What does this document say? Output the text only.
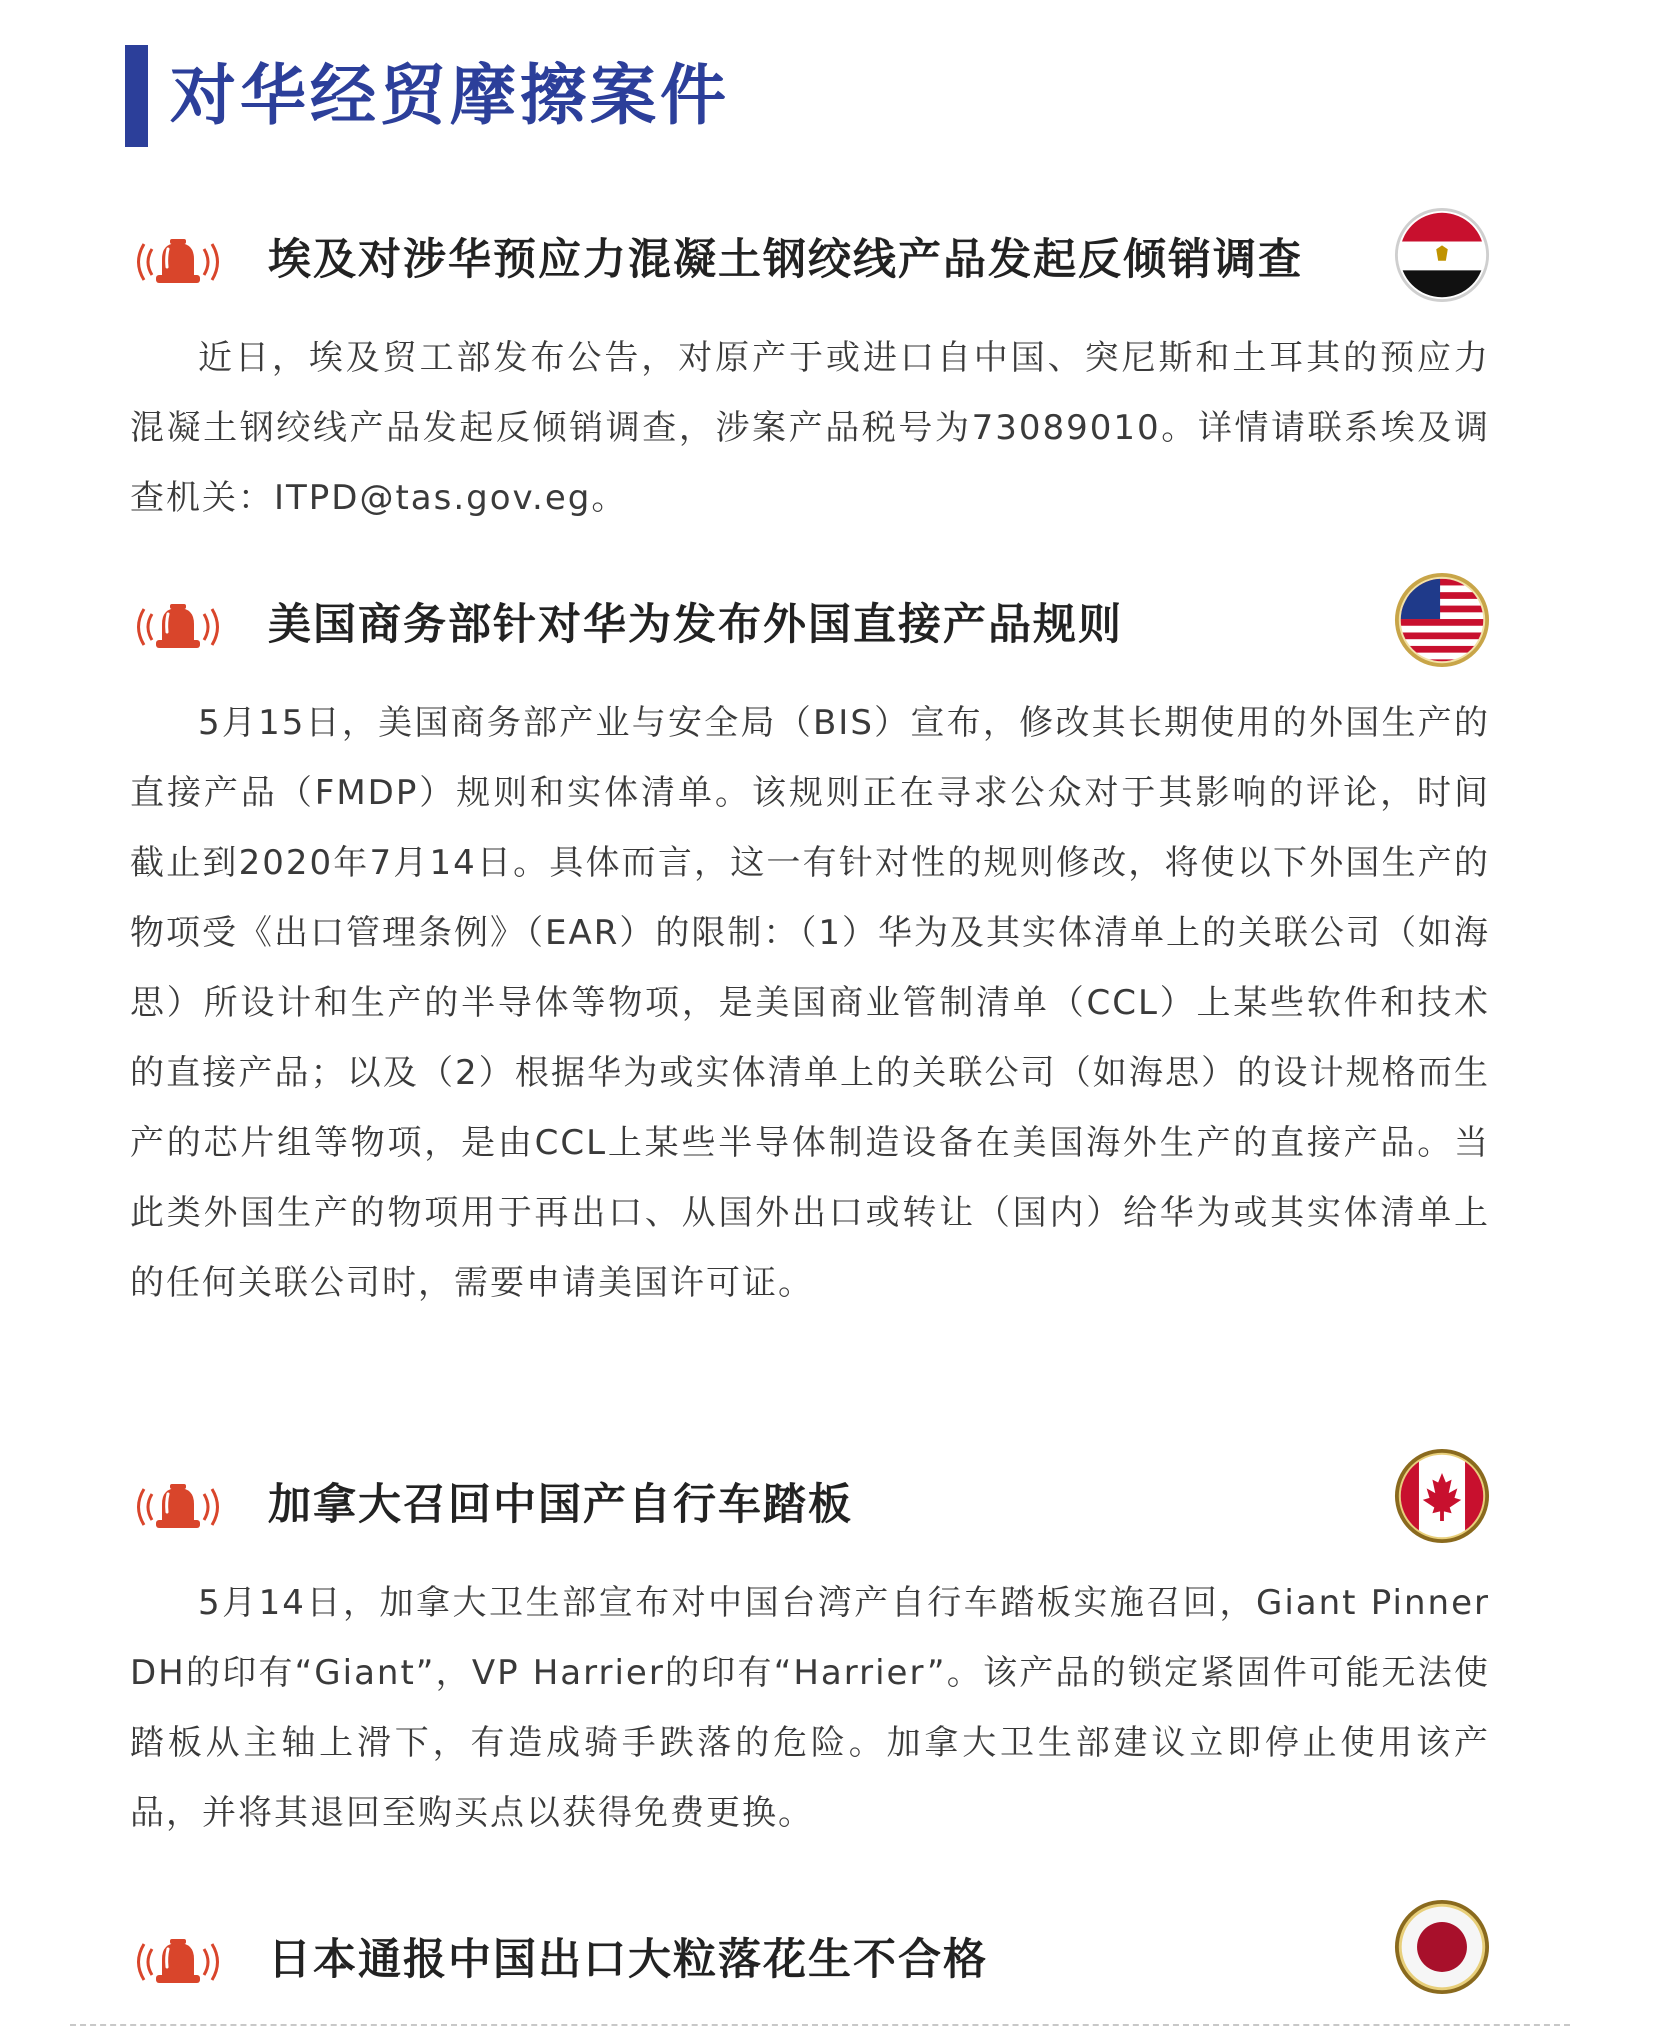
对华经贸摩擦案件
埃及对涉华预应力混凝土钢绞线产品发起反倾销调查
近日，埃及贸工部发布公告，对原产于或进口自中国、突尼斯和土耳其的预应力混凝土钢绞线产品发起反倾销调查，涉案产品税号为73089010。详情请联系埃及调查机关：ITPD@tas.gov.eg。
美国商务部针对华为发布外国直接产品规则
5月15日，美国商务部产业与安全局（BIS）宣布，修改其长期使用的外国生产的直接产品（FMDP）规则和实体清单。该规则正在寻求公众对于其影响的评论，时间截止到2020年7月14日。具体而言，这一有针对性的规则修改，将使以下外国生产的物项受《出口管理条例》（EAR）的限制：（1）华为及其实体清单上的关联公司（如海思）所设计和生产的半导体等物项，是美国商业管制清单（CCL）上某些软件和技术的直接产品；以及（2）根据华为或实体清单上的关联公司（如海思）的设计规格而生产的芯片组等物项，是由CCL上某些半导体制造设备在美国海外生产的直接产品。当此类外国生产的物项用于再出口、从国外出口或转让（国内）给华为或其实体清单上的任何关联公司时，需要申请美国许可证。
加拿大召回中国产自行车踏板
5月14日，加拿大卫生部宣布对中国台湾产自行车踏板实施召回，Giant Pinner DH的印有“Giant”，VP Harrier的印有“Harrier”。该产品的锁定紧固件可能无法使踏板从主轴上滑下，有造成骑手跌落的危险。加拿大卫生部建议立即停止使用该产品，并将其退回至购买点以获得免费更换。
日本通报中国出口大粒落花生不合格
